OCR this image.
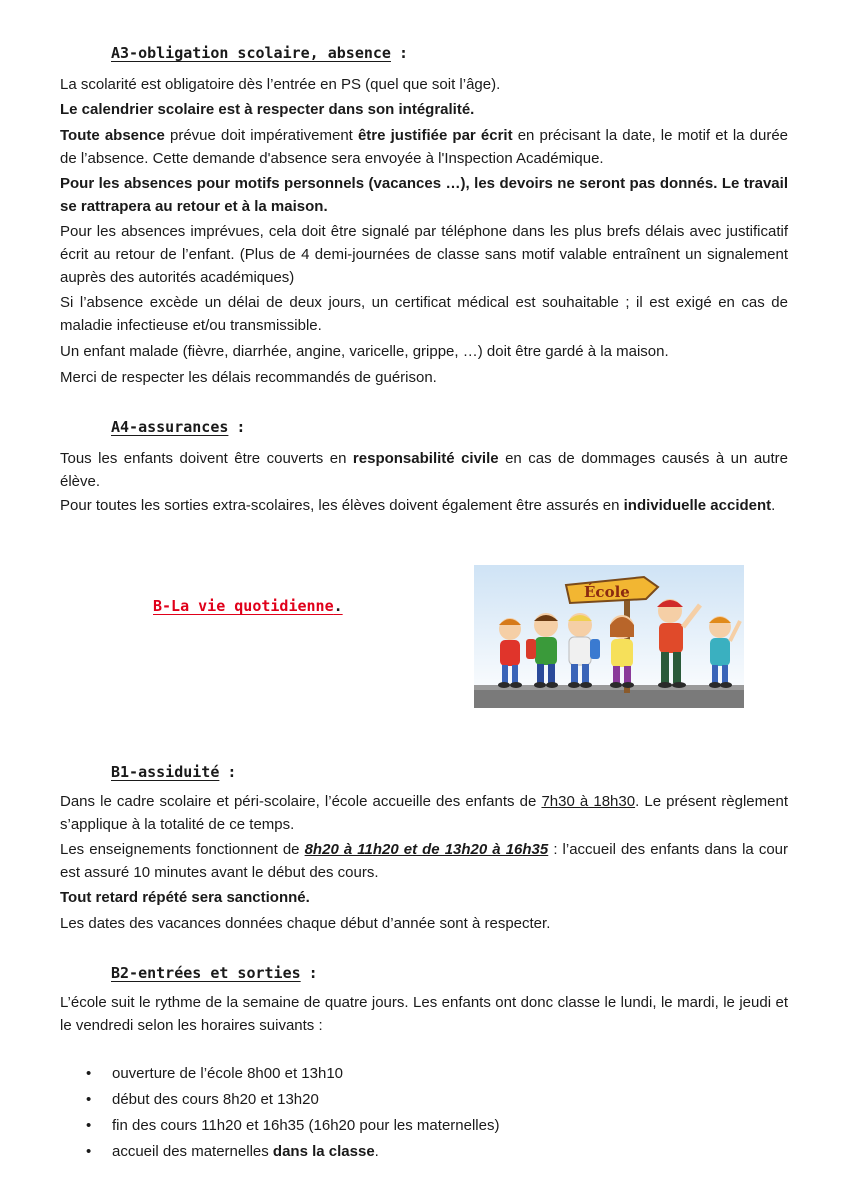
A3-obligation scolaire, absence :

La scolarité est obligatoire dès l’entrée en PS (quel que soit l’âge).

Le calendrier scolaire est à respecter dans son intégralité.

Toute absence prévue doit impérativement être justifiée par écrit en précisant la date, le motif et la durée de l’absence. Cette demande d'absence sera envoyée à l'Inspection Académique.

Pour les absences pour motifs personnels (vacances …), les devoirs ne seront pas donnés. Le travail se rattrapera au retour et à la maison.

Pour les absences imprévues, cela doit être signalé par téléphone dans les plus brefs délais avec justificatif écrit au retour de l’enfant. (Plus de 4 demi-journées de classe sans motif valable entraînent un signalement auprès des autorités académiques)

Si l’absence excède un délai de deux jours, un certificat médical est souhaitable ; il est exigé en cas de maladie infectieuse et/ou transmissible.

Un enfant malade (fièvre, diarrhée, angine, varicelle, grippe, …) doit être gardé à la maison.

Merci de respecter les délais recommandés de guérison.

A4-assurances :

Tous les enfants doivent être couverts en responsabilité civile en cas de dommages causés à un autre élève.

Pour toutes les sorties extra-scolaires, les élèves doivent également être assurés en individuelle accident.

B-La vie quotidienne.
École
B1-assiduité :

Dans le cadre scolaire et péri-scolaire, l’école accueille des enfants de 7h30 à 18h30. Le présent règlement s’applique à la totalité de ce temps.

Les enseignements fonctionnent de 8h20 à 11h20 et de 13h20 à 16h35 : l’accueil des enfants dans la cour est assuré 10 minutes avant le début des cours.

Tout retard répété sera sanctionné.

Les dates des vacances données chaque début d’année sont à respecter.

B2-entrées et sorties :

L’école suit le rythme de la semaine de quatre jours. Les enfants ont donc classe le lundi, le mardi, le jeudi et le vendredi selon les horaires suivants :

• ouverture de l’école 8h00 et 13h10
• début des cours 8h20 et 13h20
• fin des cours 11h20 et 16h35 (16h20 pour les maternelles)
• accueil des maternelles dans la classe.
